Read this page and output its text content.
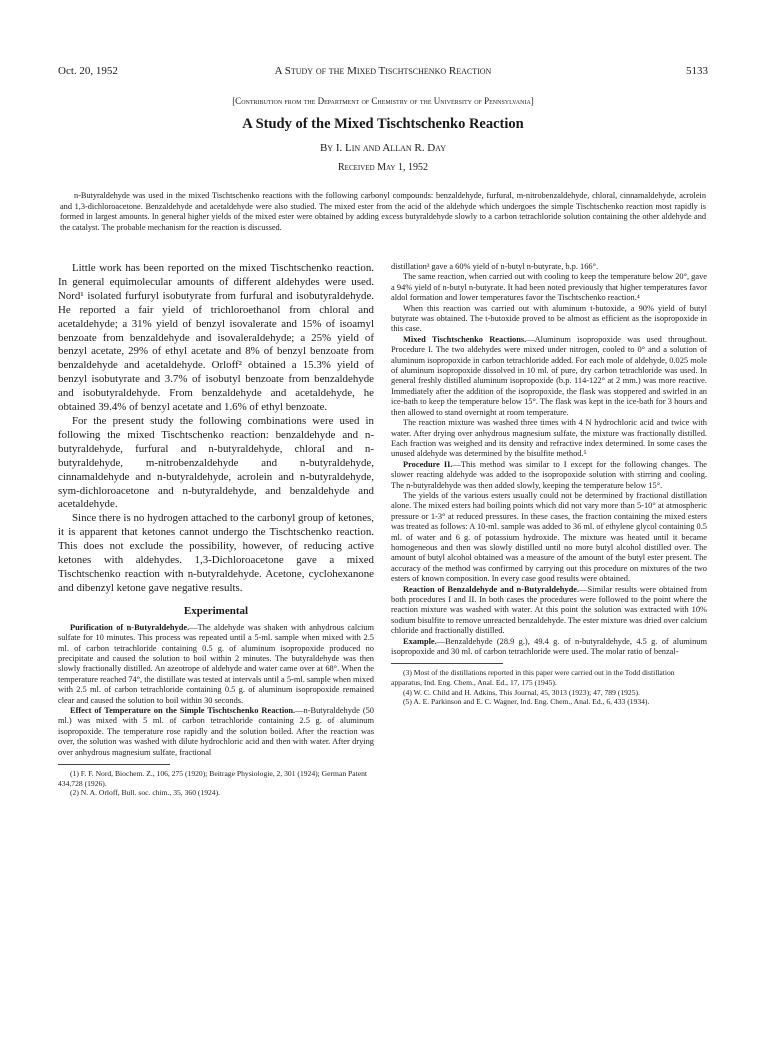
A Study of the Mixed Tischtschenko Reaction
Oct. 20, 1952	5133
[Contribution from the Department of Chemistry of the University of Pennsylvania]
A Study of the Mixed Tischtschenko Reaction
By I. Lin and Allan R. Day
Received May 1, 1952

n-Butyraldehyde was used in the mixed Tischtschenko reactions with the following carbonyl compounds: benzaldehyde, furfural, m-nitrobenzaldehyde, chloral, cinnamaldehyde, acrolein and 1,3-dichloroacetone. Benzaldehyde and acetaldehyde were also studied. The mixed ester from the acid of the aldehyde which undergoes the simple Tischtschenko reaction most rapidly is formed in largest amounts. In general higher yields of the mixed ester were obtained by adding excess butyraldehyde slowly to a carbon tetrachloride solution containing the other aldehyde and the catalyst. The probable mechanism for the reaction is discussed.

Little work has been reported on the mixed Tischtschenko reaction. In general equimolecular amounts of different aldehydes were used. Nord¹ isolated furfuryl isobutyrate from furfural and isobutyraldehyde. He reported a fair yield of trichloroethanol from chloral and acetaldehyde; a 31% yield of benzyl isovalerate and 15% of isoamyl benzoate from benzaldehyde and isovaleraldehyde; a 25% yield of benzyl acetate, 29% of ethyl acetate and 8% of benzyl benzoate from benzaldehyde and acetaldehyde. Orloff² obtained a 15.3% yield of benzyl isobutyrate and 3.7% of isobutyl benzoate from benzaldehyde and isobutyraldehyde. From benzaldehyde and acetaldehyde, he obtained 39.4% of benzyl acetate and 1.6% of ethyl benzoate.

For the present study the following combinations were used in following the mixed Tischtschenko reaction: benzaldehyde and n-butyraldehyde, furfural and n-butyraldehyde, chloral and n-butyraldehyde, m-nitrobenzaldehyde and n-butyraldehyde, cinnamaldehyde and n-butyraldehyde, acrolein and n-butyraldehyde, sym-dichloroacetone and n-butyraldehyde, and benzaldehyde and acetaldehyde.

Since there is no hydrogen attached to the carbonyl group of ketones, it is apparent that ketones cannot undergo the Tischtschenko reaction. This does not exclude the possibility, however, of reducing active ketones with aldehydes. 1,3-Dichloroacetone gave a mixed Tischtschenko reaction with n-butyraldehyde. Acetone, cyclohexanone and dibenzyl ketone gave negative results.

Experimental

Purification of n-Butyraldehyde.—The aldehyde was shaken with anhydrous calcium sulfate for 10 minutes. This process was repeated until a 5-ml. sample when mixed with 2.5 ml. of carbon tetrachloride containing 0.5 g. of aluminum isopropoxide produced no precipitate and caused the solution to boil within 2 minutes. The butyraldehyde was then slowly fractionally distilled. An azeotrope of aldehyde and water came over at 68°. When the temperature reached 74°, the distillate was tested at intervals until a 5-ml. sample when mixed with 2.5 ml. of carbon tetrachloride containing 0.5 g. of aluminum isopropoxide remained clear and caused the solution to boil within 30 seconds.

Effect of Temperature on the Simple Tischtschenko Reaction.—n-Butyraldehyde (50 ml.) was mixed with 5 ml. of carbon tetrachloride containing 2.5 g. of aluminum isopropoxide. The temperature rose rapidly and the solution boiled. After the reaction was over, the solution was washed with dilute hydrochloric acid and then with water. After drying over anhydrous magnesium sulfate, fractional

(1) F. F. Nord, Biochem. Z., 106, 275 (1920); Beitrage Physiologie, 2, 301 (1924); German Patent 434,728 (1926).

(2) N. A. Orloff, Bull. soc. chim., 35, 360 (1924).

distillation³ gave a 60% yield of n-butyl n-butyrate, b.p. 166°.

The same reaction, when carried out with cooling to keep the temperature below 20°, gave a 94% yield of n-butyl n-butyrate. It had been noted previously that higher temperatures favor aldol formation and lower temperatures favor the Tischtschenko reaction.⁴

When this reaction was carried out with aluminum t-butoxide, a 90% yield of butyl butyrate was obtained. The t-butoxide proved to be almost as efficient as the isopropoxide in this case.

Mixed Tischtschenko Reactions.—Aluminum isopropoxide was used throughout. Procedure I. The two aldehydes were mixed under nitrogen, cooled to 0° and a solution of aluminum isopropoxide in carbon tetrachloride added. For each mole of aldehyde, 0.025 mole of aluminum isopropoxide dissolved in 10 ml. of pure, dry carbon tetrachloride was used. In general freshly distilled aluminum isopropoxide (b.p. 114-122° at 2 mm.) was more reactive. Immediately after the addition of the isopropoxide, the flask was stoppered and swirled in an ice-bath to keep the temperature below 15°. The flask was kept in the ice-bath for 3 hours and then allowed to stand overnight at room temperature.

The reaction mixture was washed three times with 4 N hydrochloric acid and twice with water. After drying over anhydrous magnesium sulfate, the mixture was fractionally distilled. Each fraction was weighed and its density and refractive index determined. In some cases the unused aldehyde was determined by the bisulfite method.⁵

Procedure II.—This method was similar to I except for the following changes. The slower reacting aldehyde was added to the isopropoxide solution with stirring and cooling. The n-butyraldehyde was then added slowly, keeping the temperature below 15°.

The yields of the various esters usually could not be determined by fractional distillation alone. The mixed esters had boiling points which did not vary more than 5-10° at atmospheric pressure or 1-3° at reduced pressures. In these cases, the fraction containing the mixed esters was treated as follows: A 10-ml. sample was added to 36 ml. of ethylene glycol containing 0.5 ml. of water and 6 g. of potassium hydroxide. The mixture was heated until it became homogeneous and then was slowly distilled until no more butyl alcohol distilled over. The amount of butyl alcohol obtained was a measure of the amount of the butyl ester present. The accuracy of the method was confirmed by carrying out this procedure on mixtures of the two esters of known composition. In every case good results were obtained.

Reaction of Benzaldehyde and n-Butyraldehyde.—Similar results were obtained from both procedures I and II. In both cases the procedures were followed to the point where the reaction mixture was washed with water. At this point the solution was extracted with 10% sodium bisulfite to remove unreacted benzaldehyde. The ester mixture was dried over calcium chloride and fractionally distilled.

Example.—Benzaldehyde (28.9 g.), 49.4 g. of n-butyraldehyde, 4.5 g. of aluminum isopropoxide and 30 ml. of carbon tetrachloride were used. The molar ratio of benzal-

(3) Most of the distillations reported in this paper were carried out in the Todd distillation apparatus, Ind. Eng. Chem., Anal. Ed., 17, 175 (1945).

(4) W. C. Child and H. Adkins, This Journal, 45, 3013 (1923); 47, 789 (1925).

(5) A. E. Parkinson and E. C. Wagner, Ind. Eng. Chem., Anal. Ed., 6, 433 (1934).
